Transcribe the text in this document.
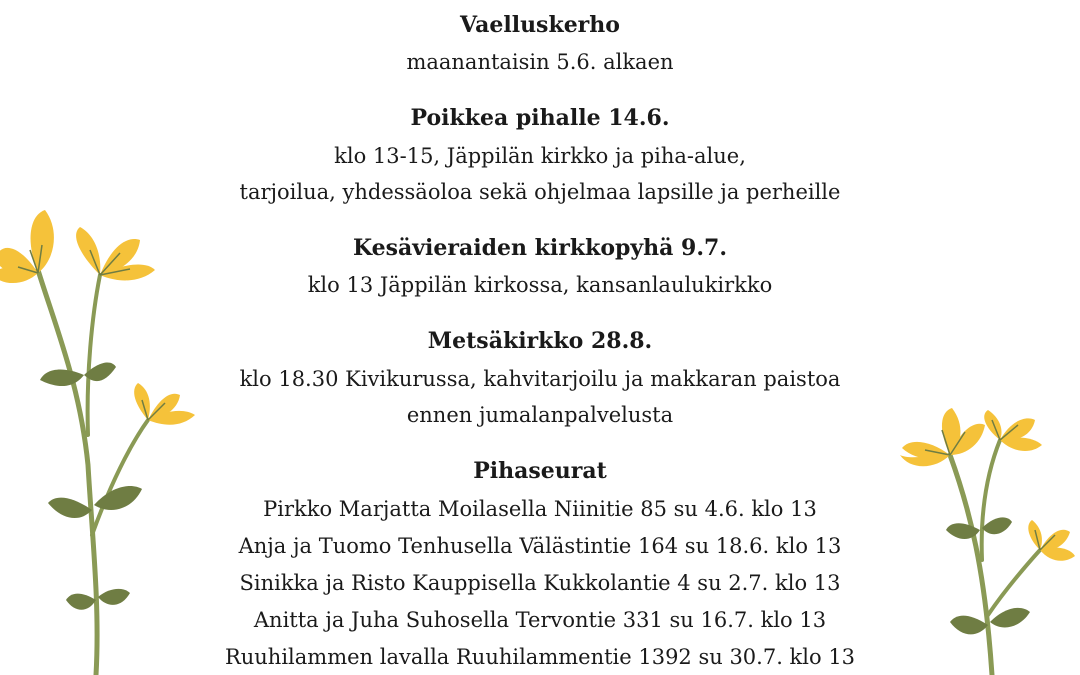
Vaelluskerho
maanantaisin 5.6. alkaen
Poikkea pihalle 14.6.
klo 13-15, Jäppilän kirkko ja piha-alue,
tarjoilua, yhdessäoloa sekä ohjelmaa lapsille ja perheille
Kesävieraiden kirkkopyhä 9.7.
klo 13 Jäppilän kirkossa, kansanlaulukirkko
Metsäkirkko 28.8.
klo 18.30 Kivikurussa, kahvitarjoilu ja makkaran paistoa
ennen jumalanpalvelusta
Pihaseurat
Pirkko Marjatta Moilasella Niinitie 85 su 4.6. klo 13
Anja ja Tuomo Tenhusella Välästintie 164 su 18.6. klo 13
Sinikka ja Risto Kauppisella Kukkolantie 4 su 2.7. klo 13
Anitta ja Juha Suhosella Tervontie 331 su 16.7. klo 13
Ruuhilammen lavalla Ruuhilammentie 1392 su 30.7. klo 13
